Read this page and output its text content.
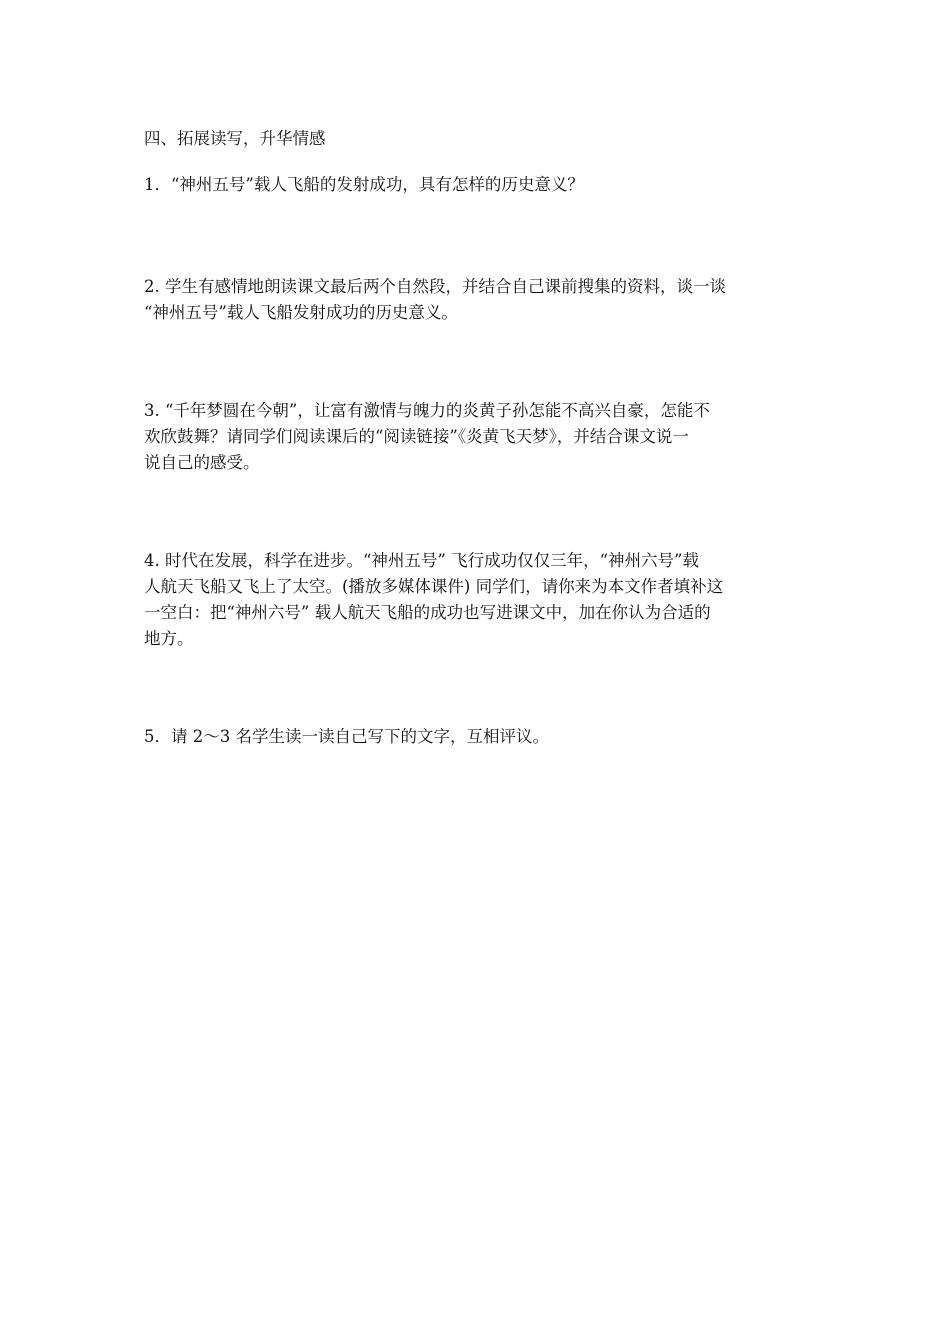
四、拓展读写，升华情感

1．“神州五号”载人飞船的发射成功，具有怎样的历史意义？

2. 学生有感情地朗读课文最后两个自然段，并结合自己课前搜集的资料，谈一谈

“神州五号”载人飞船发射成功的历史意义。

3. “千年梦圆在今朝”，让富有激情与魄力的炎黄子孙怎能不高兴自豪，怎能不

欢欣鼓舞？请同学们阅读课后的“阅读链接”《炎黄飞天梦》，并结合课文说一

说自己的感受。

4. 时代在发展，科学在进步。“神州五号” 飞行成功仅仅三年，“神州六号”载

人航天飞船又飞上了太空。(播放多媒体课件) 同学们，请你来为本文作者填补这

一空白：把“神州六号” 载人航天飞船的成功也写进课文中，加在你认为合适的

地方。

5．请 2～3 名学生读一读自己写下的文字，互相评议。
